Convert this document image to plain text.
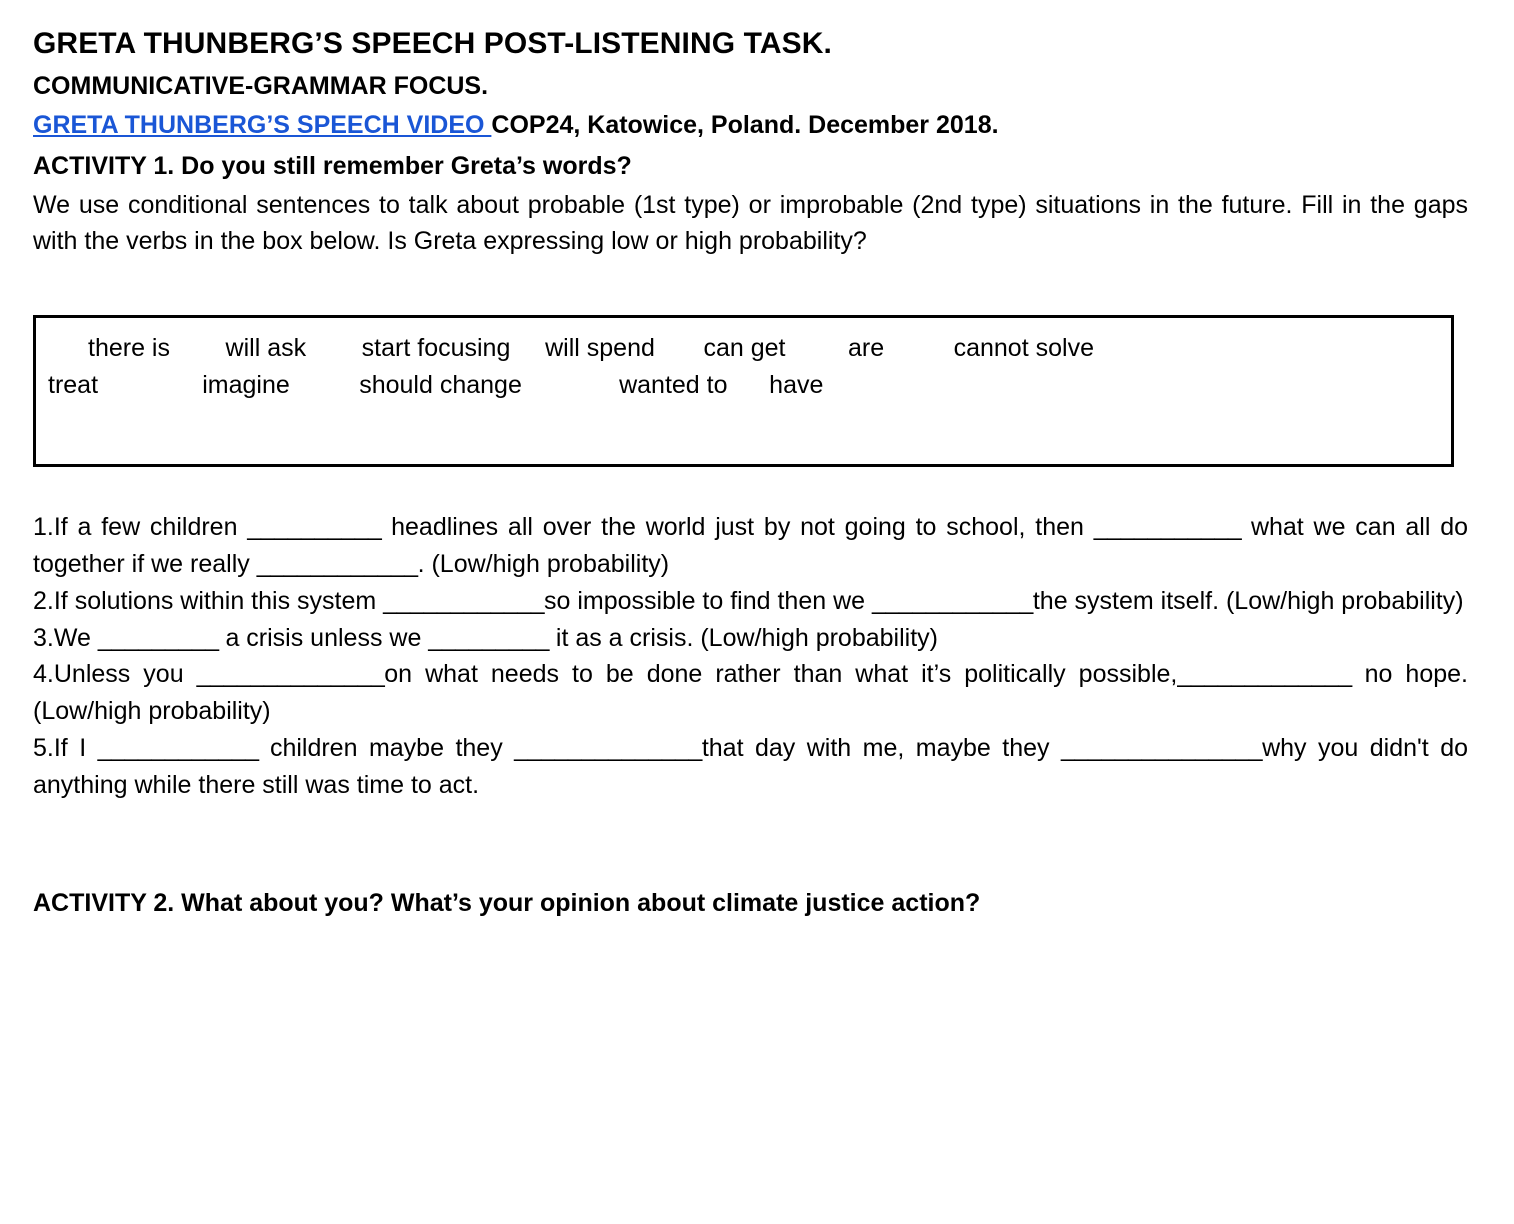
GRETA THUNBERG’S SPEECH POST-LISTENING TASK.
COMMUNICATIVE-GRAMMAR FOCUS.
GRETA THUNBERG’S SPEECH VIDEO COP24, Katowice, Poland. December 2018.
ACTIVITY 1. Do you still remember Greta’s words?
We use conditional sentences to talk about probable (1st type) or improbable (2nd type) situations in the future. Fill in the gaps with the verbs in the box below. Is Greta expressing low or high probability?
there is        will ask        start focusing     will spend       can get         are          cannot solve
treat               imagine          should change              wanted to      have
1.If a few children __________ headlines all over the world just by not going to school, then ___________ what we can all do together if we really ____________. (Low/high probability)
2.If solutions within this system ____________so impossible to find then we ____________the system itself. (Low/high probability)
3.We _________ a crisis unless we _________ it as a crisis. (Low/high probability)
4.Unless you ______________on what needs to be done rather than what it’s politically possible,_____________ no hope. (Low/high probability)
5.If I ____________ children maybe they ______________that day with me, maybe they _______________why you didn't do anything while there still was time to act.
ACTIVITY 2. What about you? What’s your opinion about climate justice action?
